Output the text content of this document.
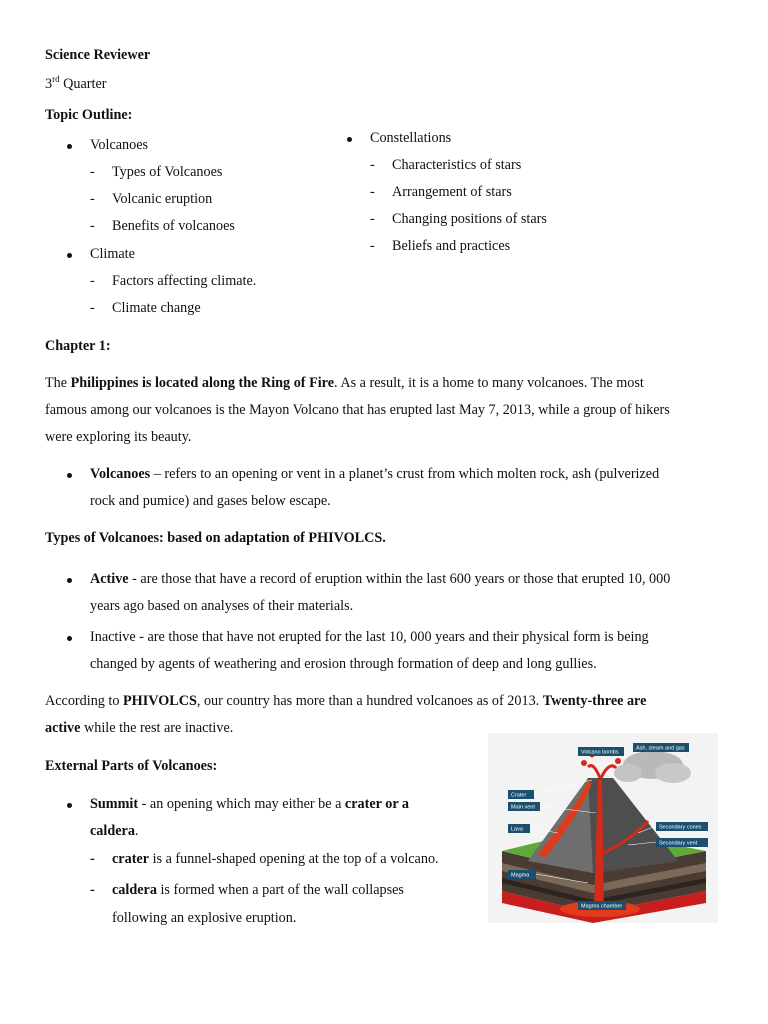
Science Reviewer
3rd Quarter
Topic Outline:
Volcanoes
- Types of Volcanoes
- Volcanic eruption
- Benefits of volcanoes
Climate
- Factors affecting climate.
- Climate change
Constellations
- Characteristics of stars
- Arrangement of stars
- Changing positions of stars
- Beliefs and practices
Chapter 1:
The Philippines is located along the Ring of Fire. As a result, it is a home to many volcanoes. The most
famous among our volcanoes is the Mayon Volcano that has erupted last May 7, 2013, while a group of hikers
were exploring its beauty.
Volcanoes – refers to an opening or vent in a planet’s crust from which molten rock, ash (pulverized
rock and pumice) and gases below escape.
Types of Volcanoes: based on adaptation of PHIVOLCS.
Active - are those that have a record of eruption within the last 600 years or those that erupted 10, 000
years ago based on analyses of their materials.
Inactive - are those that have not erupted for the last 10, 000 years and their physical form is being
changed by agents of weathering and erosion through formation of deep and long gullies.
According to PHIVOLCS, our country has more than a hundred volcanoes as of 2013. Twenty-three are
active while the rest are inactive.
External Parts of Volcanoes:
Summit - an opening which may either be a crater or a
caldera.
- crater is a funnel-shaped opening at the top of a volcano.
- caldera is formed when a part of the wall collapses
following an explosive eruption.
Volcano bombs
Ash, steam and gas
Crater
Main vent
Lava	Secondary cones
Secondary vent
Magma
Magma chamber
